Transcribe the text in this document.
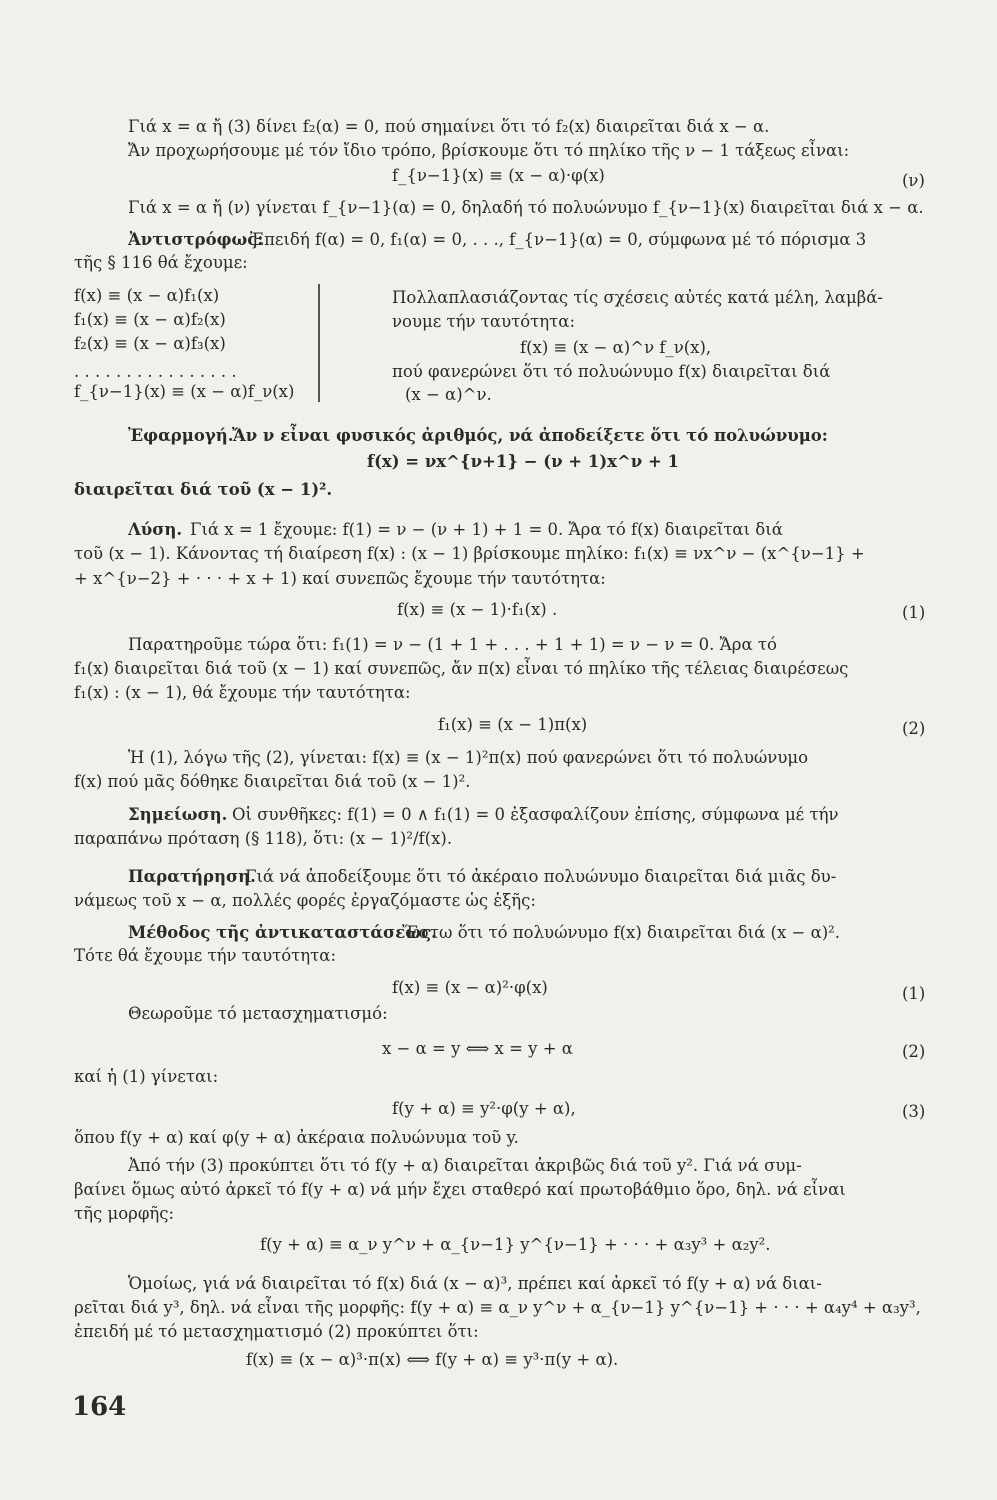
Γιά x = α ἤ (3) δίνει f₂(α) = 0, πού σημαίνει ὅτι τό f₂(x) διαιρεῖται διά x − α.
Ἄν προχωρήσουμε μέ τόν ἴδιο τρόπο, βρίσκουμε ὅτι τό πηλίκο τῆς ν − 1 τάξεως εἶναι:
f_{ν−1}(x) ≡ (x − α)·φ(x)	(ν)
Γιά x = α ἤ (ν) γίνεται f_{ν−1}(α) = 0, δηλαδή τό πολυώνυμο f_{ν−1}(x) διαιρεῖται διά x − α.
Ἀντιστρόφως:
Ἐπειδή f(α) = 0, f₁(α) = 0, . . ., f_{ν−1}(α) = 0, σύμφωνα μέ τό πόρισμα 3
τῆς § 116 θά ἔχουμε:
f(x) ≡ (x − α)f₁(x)
f₁(x) ≡ (x − α)f₂(x)
f₂(x) ≡ (x − α)f₃(x)
. . . . . . . . . . . . . . . .
f_{ν−1}(x) ≡ (x − α)f_ν(x)
Πολλαπλασιάζοντας τίς σχέσεις αὐτές κατά μέλη, λαμβά-
νουμε τήν ταυτότητα:
f(x) ≡ (x − α)^ν f_ν(x),
πού φανερώνει ὅτι τό πολυώνυμο f(x) διαιρεῖται διά
(x − α)^ν.
Ἐφαρμογή.
Ἄν ν εἶναι φυσικός ἀριθμός, νά ἀποδείξετε ὅτι τό πολυώνυμο:
f(x) = νx^{ν+1} − (ν + 1)x^ν + 1
διαιρεῖται διά τοῦ (x − 1)².
Λύση. Γιά x = 1 ἔχουμε: f(1) = ν − (ν + 1) + 1 = 0. Ἄρα τό f(x) διαιρεῖται διά
τοῦ (x − 1). Κάνοντας τή διαίρεση f(x) : (x − 1) βρίσκουμε πηλίκο: f₁(x) ≡ νx^ν − (x^{ν−1} +
+ x^{ν−2} + · · · + x + 1) καί συνεπῶς ἔχουμε τήν ταυτότητα:
f(x) ≡ (x − 1)·f₁(x) .	(1)
Παρατηροῦμε τώρα ὅτι: f₁(1) = ν − (1 + 1 + . . . + 1 + 1) = ν − ν = 0. Ἄρα τό
f₁(x) διαιρεῖται διά τοῦ (x − 1) καί συνεπῶς, ἄν π(x) εἶναι τό πηλίκο τῆς τέλειας διαιρέσεως
f₁(x) : (x − 1), θά ἔχουμε τήν ταυτότητα:
f₁(x) ≡ (x − 1)π(x)	(2)
Ἡ (1), λόγω τῆς (2), γίνεται: f(x) ≡ (x − 1)²π(x) πού φανερώνει ὅτι τό πολυώνυμο
f(x) πού μᾶς δόθηκε διαιρεῖται διά τοῦ (x − 1)².
Σημείωση. Οἱ συνθῆκες: f(1) = 0 ∧ f₁(1) = 0 ἐξασφαλίζουν ἐπίσης, σύμφωνα μέ τήν
παραπάνω πρόταση (§ 118), ὅτι: (x − 1)²/f(x).
Παρατήρηση.
Γιά νά ἀποδείξουμε ὅτι τό ἀκέραιο πολυώνυμο διαιρεῖται διά μιᾶς δυ-
νάμεως τοῦ x − α, πολλές φορές ἐργαζόμαστε ὡς ἑξῆς:
Μέθοδος τῆς ἀντικαταστάσεως.
Ἔστω ὅτι τό πολυώνυμο f(x) διαιρεῖται διά (x − α)².
Τότε θά ἔχουμε τήν ταυτότητα:
f(x) ≡ (x − α)²·φ(x)	(1)
Θεωροῦμε τό μετασχηματισμό:
x − α = y ⟺ x = y + α	(2)
καί ἡ (1) γίνεται:
f(y + α) ≡ y²·φ(y + α),	(3)
ὅπου f(y + α) καί φ(y + α) ἀκέραια πολυώνυμα τοῦ y.
Ἀπό τήν (3) προκύπτει ὅτι τό f(y + α) διαιρεῖται ἀκριβῶς διά τοῦ y². Γιά νά συμ-
βαίνει ὅμως αὐτό ἀρκεῖ τό f(y + α) νά μήν ἔχει σταθερό καί πρωτοβάθμιο ὅρο, δηλ. νά εἶναι
τῆς μορφῆς:
f(y + α) ≡ α_ν y^ν + α_{ν−1} y^{ν−1} + · · · + α₃y³ + α₂y².
Ὁμοίως, γιά νά διαιρεῖται τό f(x) διά (x − α)³, πρέπει καί ἀρκεῖ τό f(y + α) νά διαι-
ρεῖται διά y³, δηλ. νά εἶναι τῆς μορφῆς: f(y + α) ≡ α_ν y^ν + α_{ν−1} y^{ν−1} + · · · + α₄y⁴ + α₃y³,
ἐπειδή μέ τό μετασχηματισμό (2) προκύπτει ὅτι:
f(x) ≡ (x − α)³·π(x) ⟺ f(y + α) ≡ y³·π(y + α).
164
